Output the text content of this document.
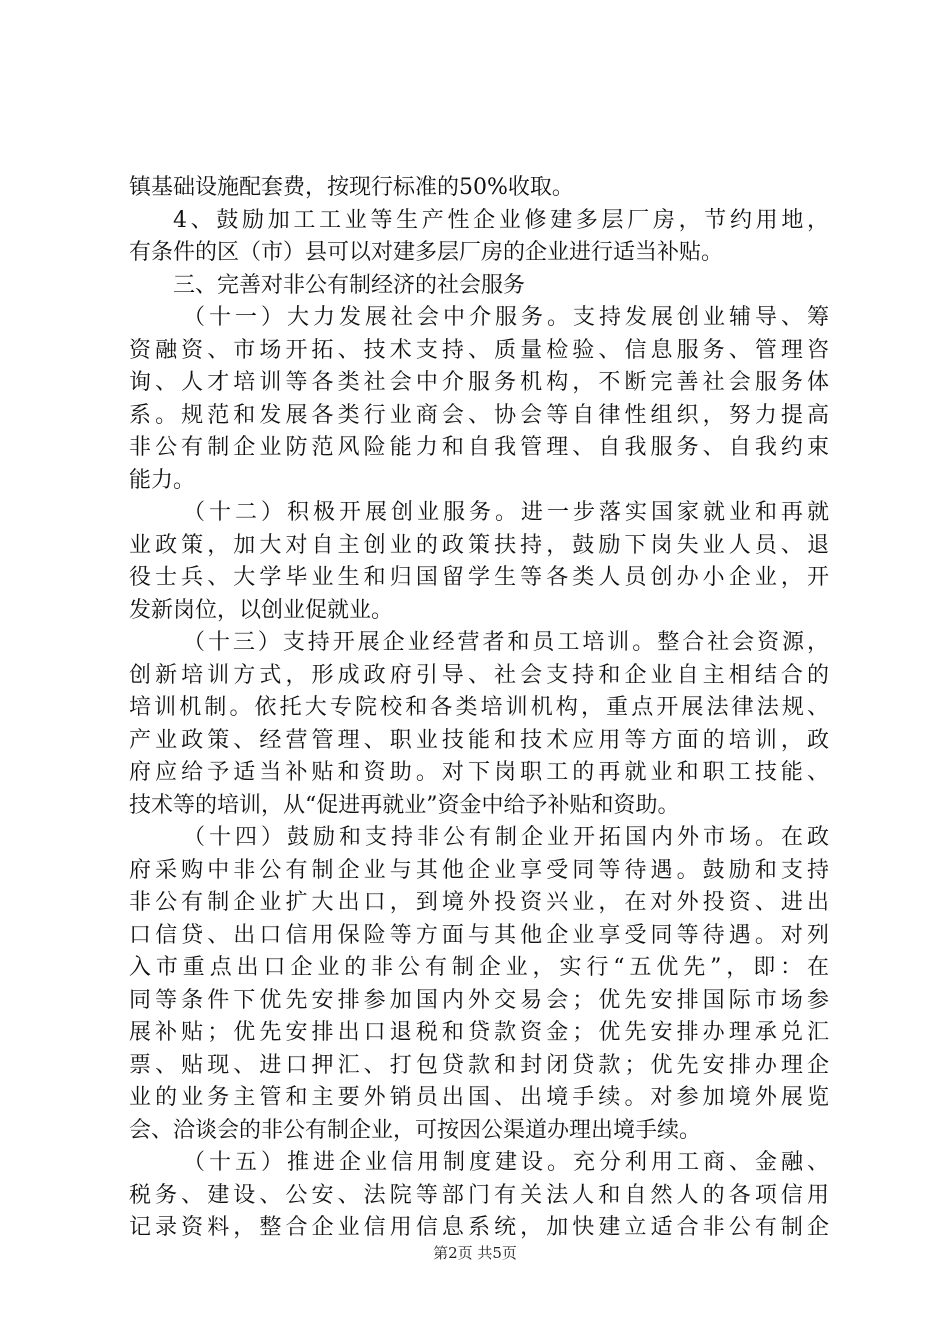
镇基础设施配套费，按现行标准的50%收取。
4、鼓励加工工业等生产性企业修建多层厂房，节约用地，
有条件的区（市）县可以对建多层厂房的企业进行适当补贴。
三、完善对非公有制经济的社会服务
（十一）大力发展社会中介服务。支持发展创业辅导、筹
资融资、市场开拓、技术支持、质量检验、信息服务、管理咨
询、人才培训等各类社会中介服务机构，不断完善社会服务体
系。规范和发展各类行业商会、协会等自律性组织，努力提高
非公有制企业防范风险能力和自我管理、自我服务、自我约束
能力。
（十二）积极开展创业服务。进一步落实国家就业和再就
业政策，加大对自主创业的政策扶持，鼓励下岗失业人员、退
役士兵、大学毕业生和归国留学生等各类人员创办小企业，开
发新岗位，以创业促就业。
（十三）支持开展企业经营者和员工培训。整合社会资源，
创新培训方式，形成政府引导、社会支持和企业自主相结合的
培训机制。依托大专院校和各类培训机构，重点开展法律法规、
产业政策、经营管理、职业技能和技术应用等方面的培训，政
府应给予适当补贴和资助。对下岗职工的再就业和职工技能、
技术等的培训，从“促进再就业”资金中给予补贴和资助。
（十四）鼓励和支持非公有制企业开拓国内外市场。在政
府采购中非公有制企业与其他企业享受同等待遇。鼓励和支持
非公有制企业扩大出口，到境外投资兴业，在对外投资、进出
口信贷、出口信用保险等方面与其他企业享受同等待遇。对列
入市重点出口企业的非公有制企业，实行“五优先”，即：在
同等条件下优先安排参加国内外交易会；优先安排国际市场参
展补贴；优先安排出口退税和贷款资金；优先安排办理承兑汇
票、贴现、进口押汇、打包贷款和封闭贷款；优先安排办理企
业的业务主管和主要外销员出国、出境手续。对参加境外展览
会、洽谈会的非公有制企业，可按因公渠道办理出境手续。
（十五）推进企业信用制度建设。充分利用工商、金融、
税务、建设、公安、法院等部门有关法人和自然人的各项信用
记录资料，整合企业信用信息系统，加快建立适合非公有制企
第2页 共5页
